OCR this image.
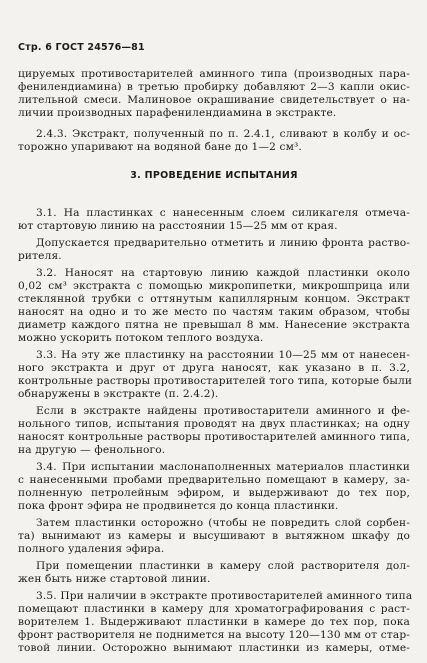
Стр. 6 ГОСТ 24576—81
3. ПРОВЕДЕНИЕ ИСПЫТАНИЯ
цируемых противостарителей аминного типа (производных пара-
фенилендиамина) в третью пробирку добавляют 2—3 капли окис-
лительной смеси. Малиновое окрашивание свидетельствует о на-
личии производных парафенилендиамина в экстракте.
2.4.3. Экстракт, полученный по п. 2.4.1, сливают в колбу и ос-
торожно упаривают на водяной бане до 1—2 см³.
3.1. На пластинках с нанесенным слоем силикагеля отмеча-
ют стартовую линию на расстоянии 15—25 мм от края.
Допускается предварительно отметить и линию фронта раство-
рителя.
3.2. Наносят на стартовую линию каждой пластинки около
0,02 см³ экстракта с помощью микропипетки, микрошприца или
стеклянной трубки с оттянутым капиллярным концом. Экстракт
наносят на одно и то же место по частям таким образом, чтобы
диаметр каждого пятна не превышал 8 мм. Нанесение экстракта
можно ускорить потоком теплого воздуха.
3.3. На эту же пластинку на расстоянии 10—25 мм от нанесен-
ного экстракта и друг от друга наносят, как указано в п. 3.2,
контрольные растворы противостарителей того типа, которые были
обнаружены в экстракте (п. 2.4.2).
Если в экстракте найдены противостарители аминного и фе-
нольного типов, испытания проводят на двух пластинках; на одну
наносят контрольные растворы противостарителей аминного типа,
на другую — фенольного.
3.4. При испытании маслонаполненных материалов пластинки
с нанесенными пробами предварительно помещают в камеру, за-
полненную петролейным эфиром, и выдерживают до тех пор,
пока фронт эфира не продвинется до конца пластинки.
Затем пластинки осторожно (чтобы не повредить слой сорбен-
та) вынимают из камеры и высушивают в вытяжном шкафу до
полного удаления эфира.
При помещении пластинки в камеру слой растворителя дол-
жен быть ниже стартовой линии.
3.5. При наличии в экстракте противостарителей аминного типа
помещают пластинки в камеру для хроматографирования с раст-
ворителем 1. Выдерживают пластинки в камере до тех пор, пока
фронт растворителя не поднимется на высоту 120—130 мм от стар-
товой линии. Осторожно вынимают пластинки из камеры, отме-
